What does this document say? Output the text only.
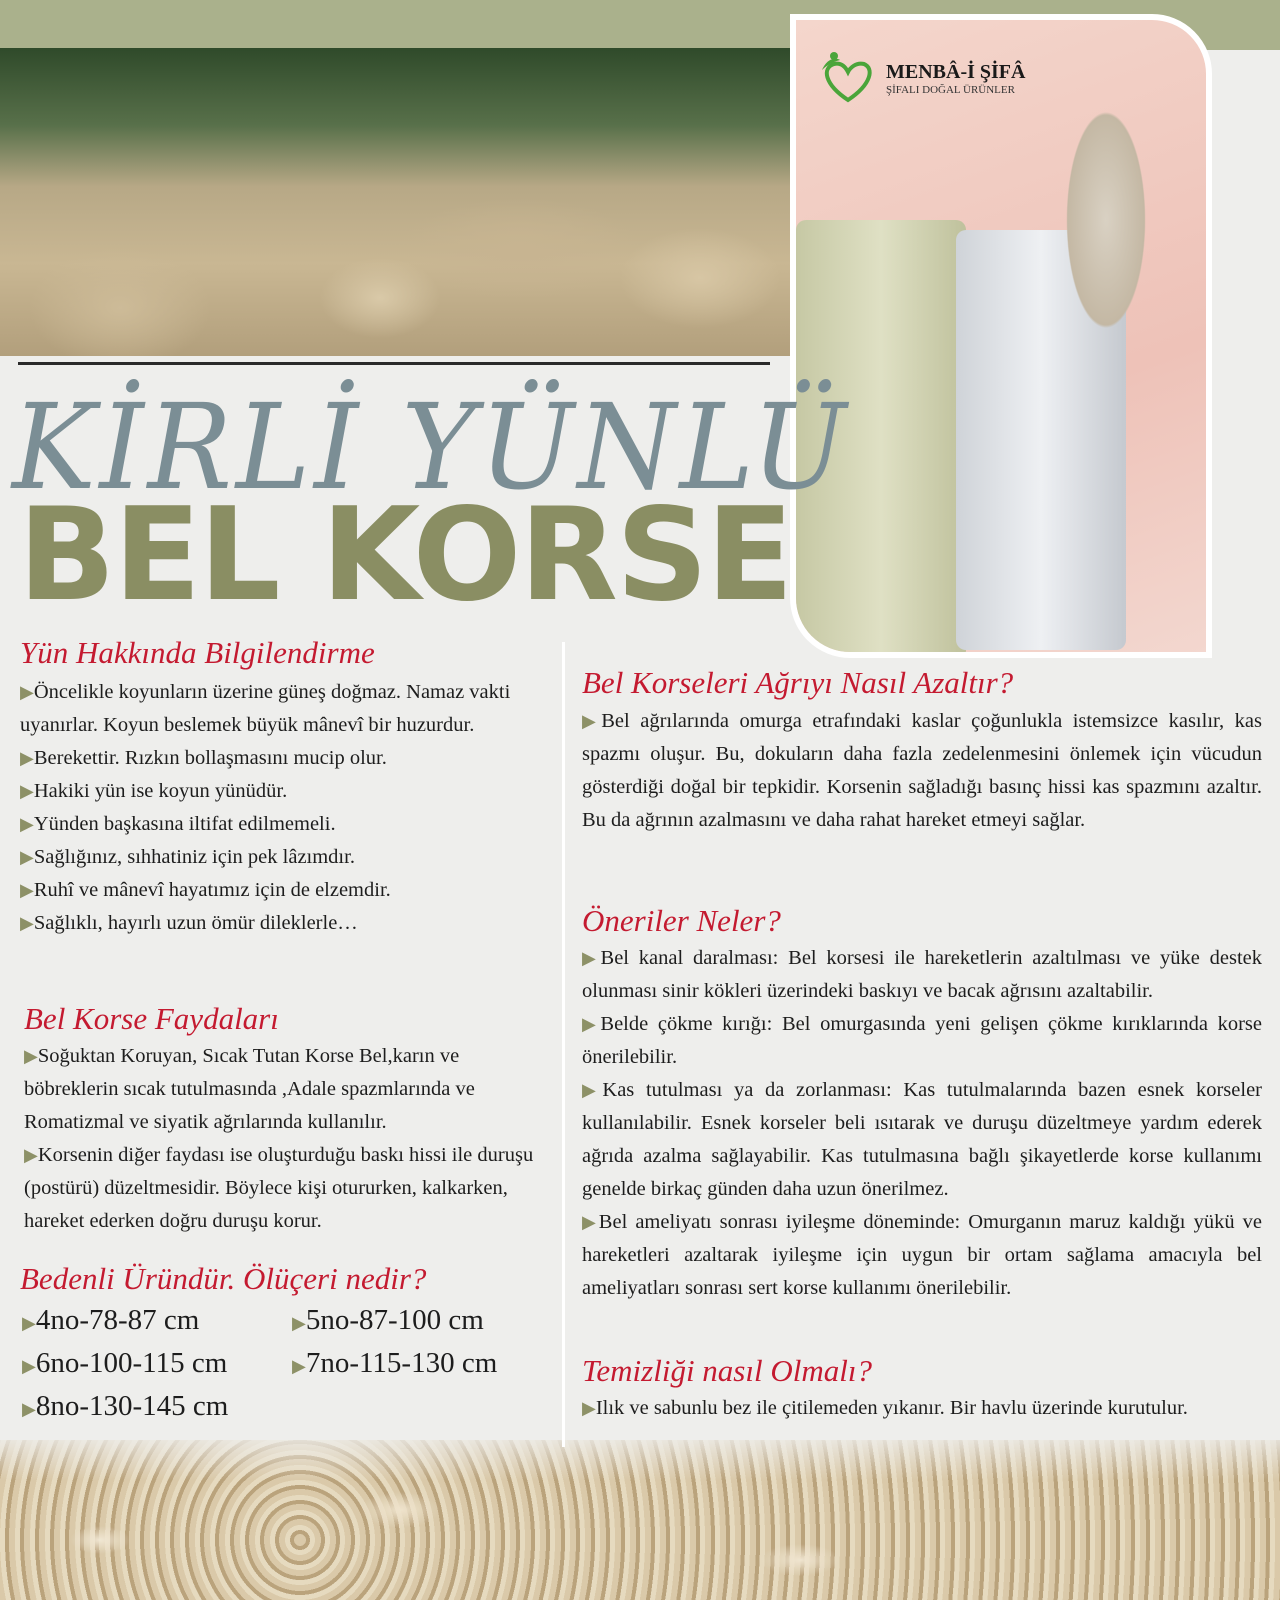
MENBÂ-İ ŞİFÂ
ŞİFALI DOĞAL ÜRÜNLER
KİRLİ YÜNLÜ
BEL KORSE
Yün Hakkında Bilgilendirme
▶Öncelikle koyunların üzerine güneş doğmaz. Namaz vakti uyanırlar. Koyun beslemek büyük mânevî bir huzurdur.
▶Berekettir. Rızkın bollaşmasını mucip olur.
▶Hakiki yün ise koyun yünüdür.
▶Yünden başkasına iltifat edilmemeli.
▶Sağlığınız, sıhhatiniz için pek lâzımdır.
▶Ruhî ve mânevî hayatımız için de elzemdir.
▶Sağlıklı, hayırlı uzun ömür dileklerle…
Bel Korse Faydaları
▶Soğuktan Koruyan, Sıcak Tutan Korse Bel,karın ve böbreklerin sıcak tutulmasında ,Adale spazmlarında ve Romatizmal ve siyatik ağrılarında kullanılır.
▶Korsenin diğer faydası ise oluşturduğu baskı hissi ile duruşu (postürü) düzeltmesidir. Böylece kişi otururken, kalkarken, hareket ederken doğru duruşu korur.
Bedenli Üründür. Ölüçeri nedir?
▶4no-78-87 cm	▶5no-87-100 cm
▶6no-100-115 cm	▶7no-115-130 cm
▶8no-130-145 cm
Bel Korseleri Ağrıyı Nasıl Azaltır?
▶Bel ağrılarında omurga etrafındaki kaslar çoğunlukla istemsizce kasılır, kas spazmı oluşur. Bu, dokuların daha fazla zedelenmesini önlemek için vücudun gösterdiği doğal bir tepkidir. Korsenin sağladığı basınç hissi kas spazmını azaltır. Bu da ağrının azalmasını ve daha rahat hareket etmeyi sağlar.
Öneriler Neler?
▶Bel kanal daralması: Bel korsesi ile hareketlerin azaltılması ve yüke destek olunması sinir kökleri üzerindeki baskıyı ve bacak ağrısını azaltabilir.
▶Belde çökme kırığı: Bel omurgasında yeni gelişen çökme kırıklarında korse önerilebilir.
▶Kas tutulması ya da zorlanması: Kas tutulmalarında bazen esnek korseler kullanılabilir. Esnek korseler beli ısıtarak ve duruşu düzeltmeye yardım ederek ağrıda azalma sağlayabilir. Kas tutulmasına bağlı şikayetlerde korse kullanımı genelde birkaç günden daha uzun önerilmez.
▶Bel ameliyatı sonrası iyileşme döneminde: Omurganın maruz kaldığı yükü ve hareketleri azaltarak iyileşme için uygun bir ortam sağlama amacıyla bel ameliyatları sonrası sert korse kullanımı önerilebilir.
Temizliği nasıl Olmalı?
▶Ilık ve sabunlu bez ile çitilemeden yıkanır. Bir havlu üzerinde kurutulur.
